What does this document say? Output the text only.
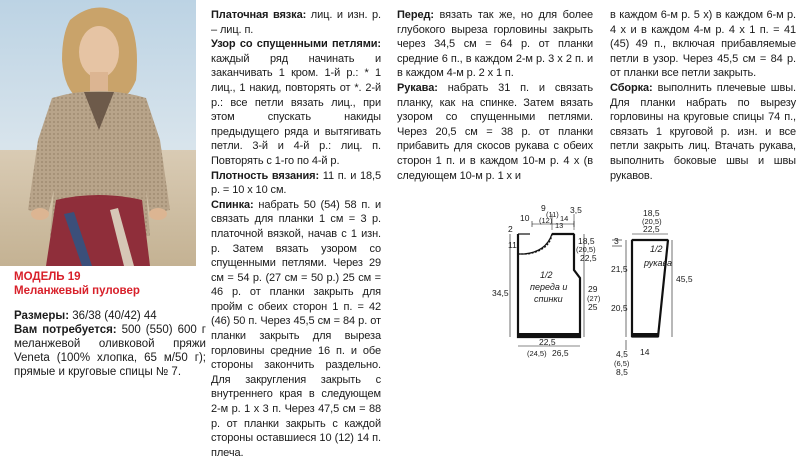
МОДЕЛЬ 19

Меланжевый пуловер

Размеры: 36/38 (40/42) 44

Вам потребуется: 500 (550) 600 г меланжевой оливковой пряжи Veneta (100% хлопка, 65 м/50 г); прямые и круговые спицы № 7.

Платочная вязка: лиц. и изн. р. – лиц. п.

Узор со спущенными петлями: каждый ряд начинать и заканчивать 1 кром. 1-й р.: * 1 лиц., 1 накид, повторять от *. 2-й р.: все петли вязать лиц., при этом спускать накиды предыдущего ряда и вытягивать петли. 3-й и 4-й р.: лиц. п. Повторять с 1-го по 4-й р.

Плотность вязания: 11 п. и 18,5 р. = 10 х 10 см.

Спинка: набрать 50 (54) 58 п. и связать для планки 1 см = 3 р. платочной вязкой, начав с 1 изн. р. Затем вязать узором со спущенными петлями. Через 29 см = 54 р. (27 см = 50 р.) 25 см = 46 р. от планки закрыть для пройм с обеих сторон 1 п. = 42 (46) 50 п. Через 45,5 см = 84 р. от планки закрыть для выреза горловины средние 16 п. и обе стороны закончить раздельно. Для закругления закрыть с внутреннего края в следующем 2-м р. 1 х 3 п. Через 47,5 см = 88 р. от планки закрыть с каждой стороны оставшиеся 10 (12) 14 п. плеча.

Перед: вязать так же, но для более глубокого выреза горловины закрыть через 34,5 см = 64 р. от планки средние 6 п., в каждом 2-м р. 3 х 2 п. и в каждом 4-м р. 2 х 1 п.

Рукава: набрать 31 п. и связать планку, как на спинке. Затем вязать узором со спущенными петлями. Через 20,5 см = 38 р. от планки прибавить для скосов рукава с обеих сторон 1 п. и в каждом 10-м р. 4 х (в следующем 10-м р. 1 х и

в каждом 6-м р. 5 х) в каждом 6-м р. 4 х и в каждом 4-м р. 4 х 1 п. = 41 (45) 49 п., включая прибавляемые петли в узор. Через 45,5 см = 84 р. от планки все петли закрыть.

Сборка: выполнить плечевые швы. Для планки набрать по вырезу горловины на круговые спицы 74 п., связать 1 круговой р. изн. и все петли закрыть лиц. Втачать рукава, выполнить боковые швы и швы рукавов.

9
(11)
13
10 (12) 14
3,5
2
11	18,5
(20,5)
22,5
34,5
1/2
переда и
спинки
29
(27)
25
22,5
(24,5) 26,5
18,5
(20,5)
22,5
3
1/2
рукава
21,5
20,5
45,5
14
4,5
(6,5)
8,5
